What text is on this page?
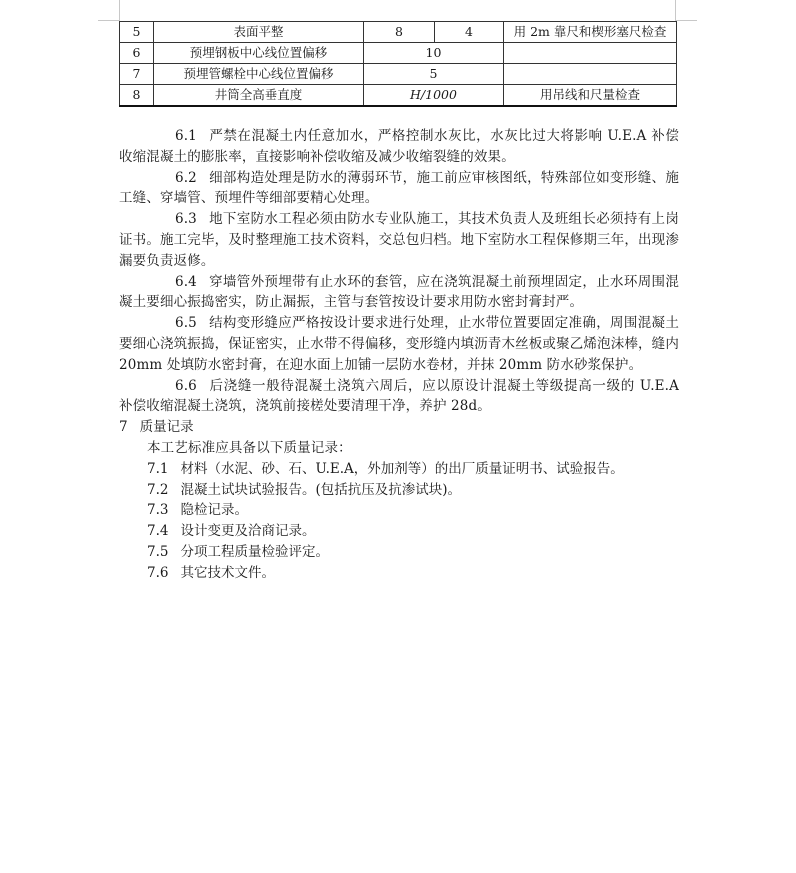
5	表面平整	8	4	用 2m 靠尺和楔形塞尺检查
6	预埋钢板中心线位置偏移	10		
7	预埋管螺栓中心线位置偏移	5		
8	井筒全高垂直度	H/1000		用吊线和尺量检查

6.1 严禁在混凝土内任意加水，严格控制水灰比，水灰比过大将影响 U.E.A 补偿收缩混凝土的膨胀率，直接影响补偿收缩及减少收缩裂缝的效果。

6.2 细部构造处理是防水的薄弱环节，施工前应审核图纸，特殊部位如变形缝、施工缝、穿墙管、预埋件等细部要精心处理。

6.3 地下室防水工程必须由防水专业队施工，其技术负责人及班组长必须持有上岗证书。施工完毕，及时整理施工技术资料，交总包归档。地下室防水工程保修期三年，出现渗漏要负责返修。

6.4 穿墙管外预埋带有止水环的套管，应在浇筑混凝土前预埋固定，止水环周围混凝土要细心振捣密实，防止漏振，主管与套管按设计要求用防水密封膏封严。

6.5 结构变形缝应严格按设计要求进行处理，止水带位置要固定准确，周围混凝土要细心浇筑振捣，保证密实，止水带不得偏移，变形缝内填沥青木丝板或聚乙烯泡沫棒，缝内 20mm 处填防水密封膏，在迎水面上加铺一层防水卷材，并抹 20mm 防水砂浆保护。

6.6 后浇缝一般待混凝土浇筑六周后，应以原设计混凝土等级提高一级的 U.E.A 补偿收缩混凝土浇筑，浇筑前接槎处要清理干净，养护 28d。

7 质量记录

本工艺标准应具备以下质量记录：

7.1 材料（水泥、砂、石、U.E.A，外加剂等）的出厂质量证明书、试验报告。

7.2 混凝土试块试验报告。(包括抗压及抗渗试块)。

7.3 隐检记录。

7.4 设计变更及洽商记录。

7.5 分项工程质量检验评定。

7.6 其它技术文件。
